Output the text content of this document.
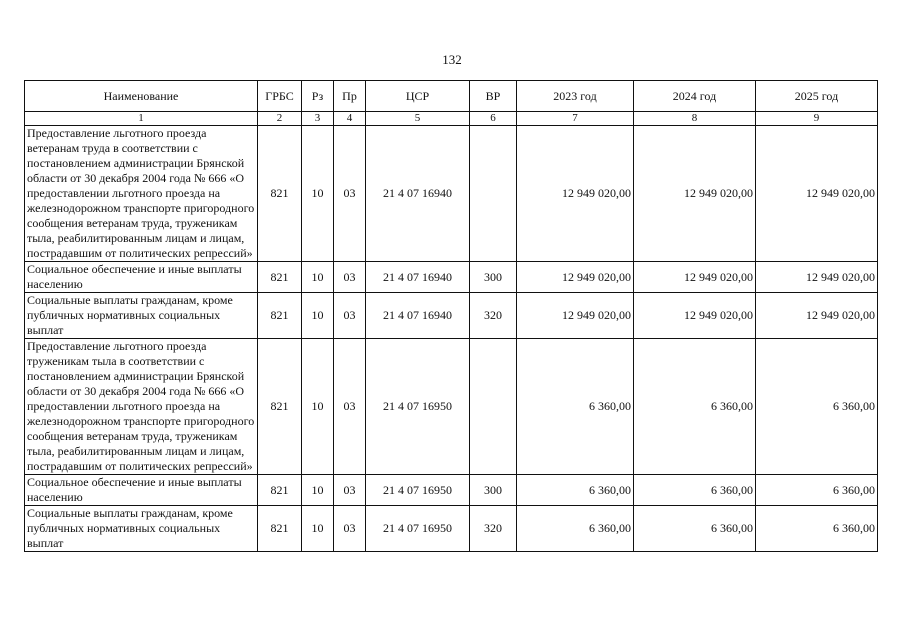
132
Наименование	ГРБС	Рз	Пр	ЦСР	ВР	2023 год	2024 год	2025 год
1	2	3	4	5	6	7	8	9
Предоставление льготного проезда ветеранам труда в соответствии с постановлением администрации Брянской области от 30 декабря 2004 года № 666 «О предоставлении льготного проезда на железнодорожном транспорте пригородного сообщения ветеранам труда, труженикам тыла, реабилитированным лицам и лицам, пострадавшим от политических репрессий»	821	10	03	21 4 07 16940		12 949 020,00	12 949 020,00	12 949 020,00
Социальное обеспечение и иные выплаты населению	821	10	03	21 4 07 16940	300	12 949 020,00	12 949 020,00	12 949 020,00
Социальные выплаты гражданам, кроме публичных нормативных социальных выплат	821	10	03	21 4 07 16940	320	12 949 020,00	12 949 020,00	12 949 020,00
Предоставление льготного проезда труженикам тыла в соответствии с постановлением администрации Брянской области от 30 декабря 2004 года № 666 «О предоставлении льготного проезда на железнодорожном транспорте пригородного сообщения ветеранам труда, труженикам тыла, реабилитированным лицам и лицам, пострадавшим от политических репрессий»	821	10	03	21 4 07 16950		6 360,00	6 360,00	6 360,00
Социальное обеспечение и иные выплаты населению	821	10	03	21 4 07 16950	300	6 360,00	6 360,00	6 360,00
Социальные выплаты гражданам, кроме публичных нормативных социальных выплат	821	10	03	21 4 07 16950	320	6 360,00	6 360,00	6 360,00
